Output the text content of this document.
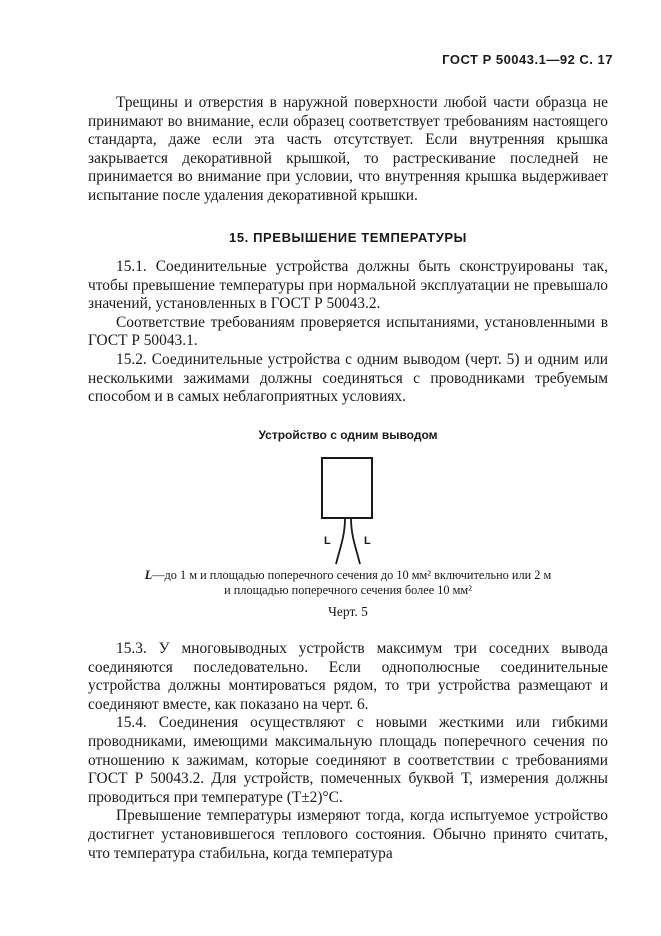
ГОСТ Р 50043.1—92 С. 17

Трещины и отверстия в наружной поверхности любой части образца не принимают во внимание, если образец соответствует требованиям настоящего стандарта, даже если эта часть отсутствует. Если внутренняя крышка закрывается декоративной крышкой, то растрескивание последней не принимается во внимание при условии, что внутренняя крышка выдерживает испытание после удаления декоративной крышки.

15. ПРЕВЫШЕНИЕ ТЕМПЕРАТУРЫ

15.1. Соединительные устройства должны быть сконструированы так, чтобы превышение температуры при нормальной эксплуатации не превышало значений, установленных в ГОСТ Р 50043.2.

Соответствие требованиям проверяется испытаниями, установленными в ГОСТ Р 50043.1.

15.2. Соединительные устройства с одним выводом (черт. 5) и одним или несколькими зажимами должны соединяться с проводниками требуемым способом и в самых неблагоприятных условиях.

Устройство с одним выводом
L	L
L—до 1 м и площадью поперечного сечения до 10 мм² включительно или 2 м
и площадью поперечного сечения более 10 мм²
Черт. 5

15.3. У многовыводных устройств максимум три соседних вывода соединяются последовательно. Если однополюсные соединительные устройства должны монтироваться рядом, то три устройства размещают и соединяют вместе, как показано на черт. 6.

15.4. Соединения осуществляют с новыми жесткими или гибкими проводниками, имеющими максимальную площадь поперечного сечения по отношению к зажимам, которые соединяют в соответствии с требованиями ГОСТ Р 50043.2. Для устройств, помеченных буквой Т, измерения должны проводиться при температуре (Т±2)°С.

Превышение температуры измеряют тогда, когда испытуемое устройство достигнет установившегося теплового состояния. Обычно принято считать, что температура стабильна, когда температура
